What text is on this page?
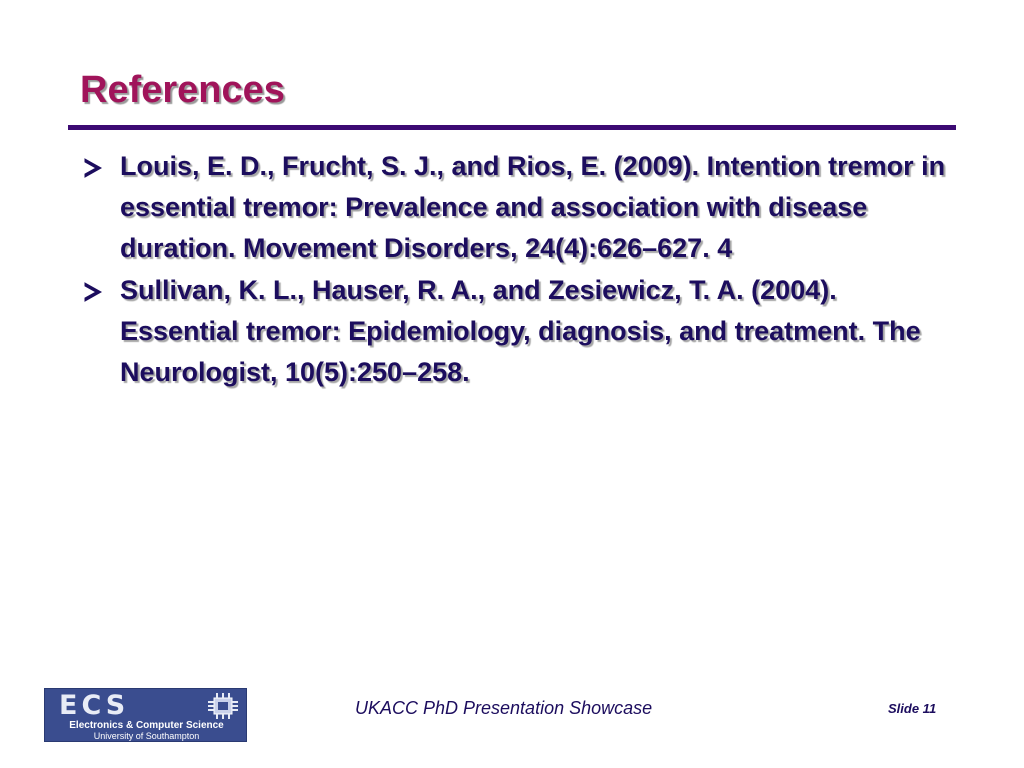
References
Louis, E. D., Frucht, S. J., and Rios, E. (2009). Intention tremor in essential tremor: Prevalence and association with disease duration. Movement Disorders, 24(4):626–627. 4
Sullivan, K. L., Hauser, R. A., and Zesiewicz, T. A. (2004). Essential tremor: Epidemiology, diagnosis, and treatment. The Neurologist, 10(5):250–258.
ECS
Electronics & Computer Science
University of Southampton
UKACC PhD Presentation Showcase	Slide 11
